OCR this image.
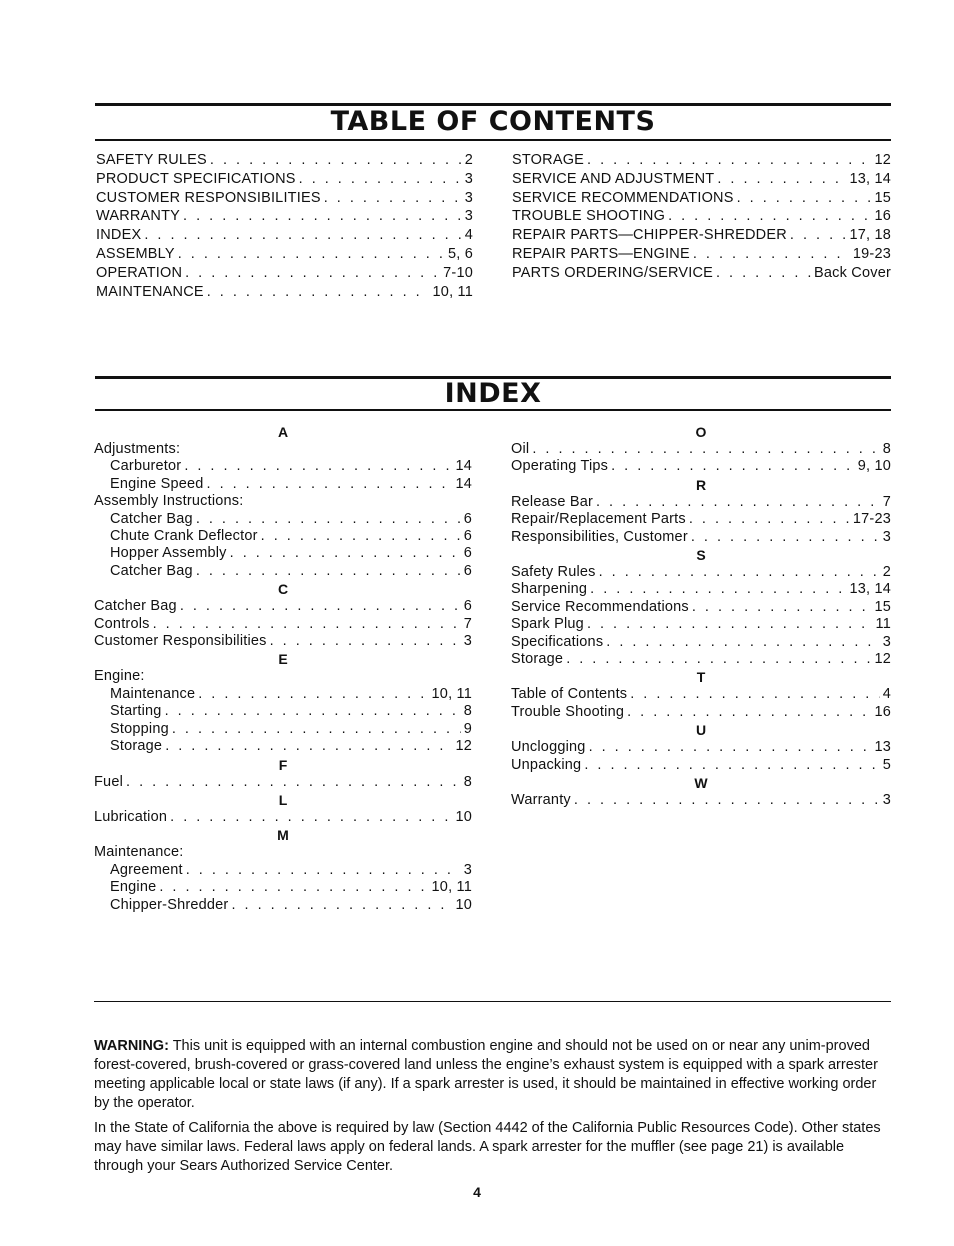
TABLE OF CONTENTS
SAFETY RULES . . .	2
PRODUCT SPECIFICATIONS . . .	3
CUSTOMER RESPONSIBILITIES . . .	3
WARRANTY . . .	3
INDEX . . .	4
ASSEMBLY . . .	5, 6
OPERATION . . .	7-10
MAINTENANCE . . .	10, 11
STORAGE . . .	12
SERVICE AND ADJUSTMENT . . .	13, 14
SERVICE RECOMMENDATIONS . . .	15
TROUBLE SHOOTING . . .	16
REPAIR PARTS—CHIPPER-SHREDDER . . .	17, 18
REPAIR PARTS—ENGINE . . .	19-23
PARTS ORDERING/SERVICE . . .	Back Cover
INDEX
A
Adjustments:
Carburetor . . .	14
Engine Speed . . .	14
Assembly Instructions:
Catcher Bag . . .	6
Chute Crank Deflector . . .	6
Hopper Assembly . . .	6
Catcher Bag . . .	6
C
Catcher Bag . . .	6
Controls . . .	7
Customer Responsibilities . . .	3
E
Engine:
Maintenance . . .	10, 11
Starting . . .	8
Stopping . . .	9
Storage . . .	12
F
Fuel . . .	8
L
Lubrication . . .	10
M
Maintenance:
Agreement . . .	3
Engine . . .	10, 11
Chipper-Shredder . . .	10
O
Oil . . .	8
Operating Tips . . .	9, 10
R
Release Bar . . .	7
Repair/Replacement Parts . . .	17-23
Responsibilities, Customer . . .	3
S
Safety Rules . . .	2
Sharpening . . .	13, 14
Service Recommendations . . .	15
Spark Plug . . .	11
Specifications . . .	3
Storage . . .	12
T
Table of Contents . . .	4
Trouble Shooting . . .	16
U
Unclogging . . .	13
Unpacking . . .	5
W
Warranty . . .	3

WARNING: This unit is equipped with an internal combustion engine and should not be used on or near any unim-proved forest-covered, brush-covered or grass-covered land unless the engine’s exhaust system is equipped with a spark arrester meeting applicable local or state laws (if any). If a spark arrester is used, it should be maintained in effective working order by the operator.

In the State of California the above is required by law (Section 4442 of the California Public Resources Code). Other states may have similar laws. Federal laws apply on federal lands. A spark arrester for the muffler (see page 21) is available through your Sears Authorized Service Center.

4
